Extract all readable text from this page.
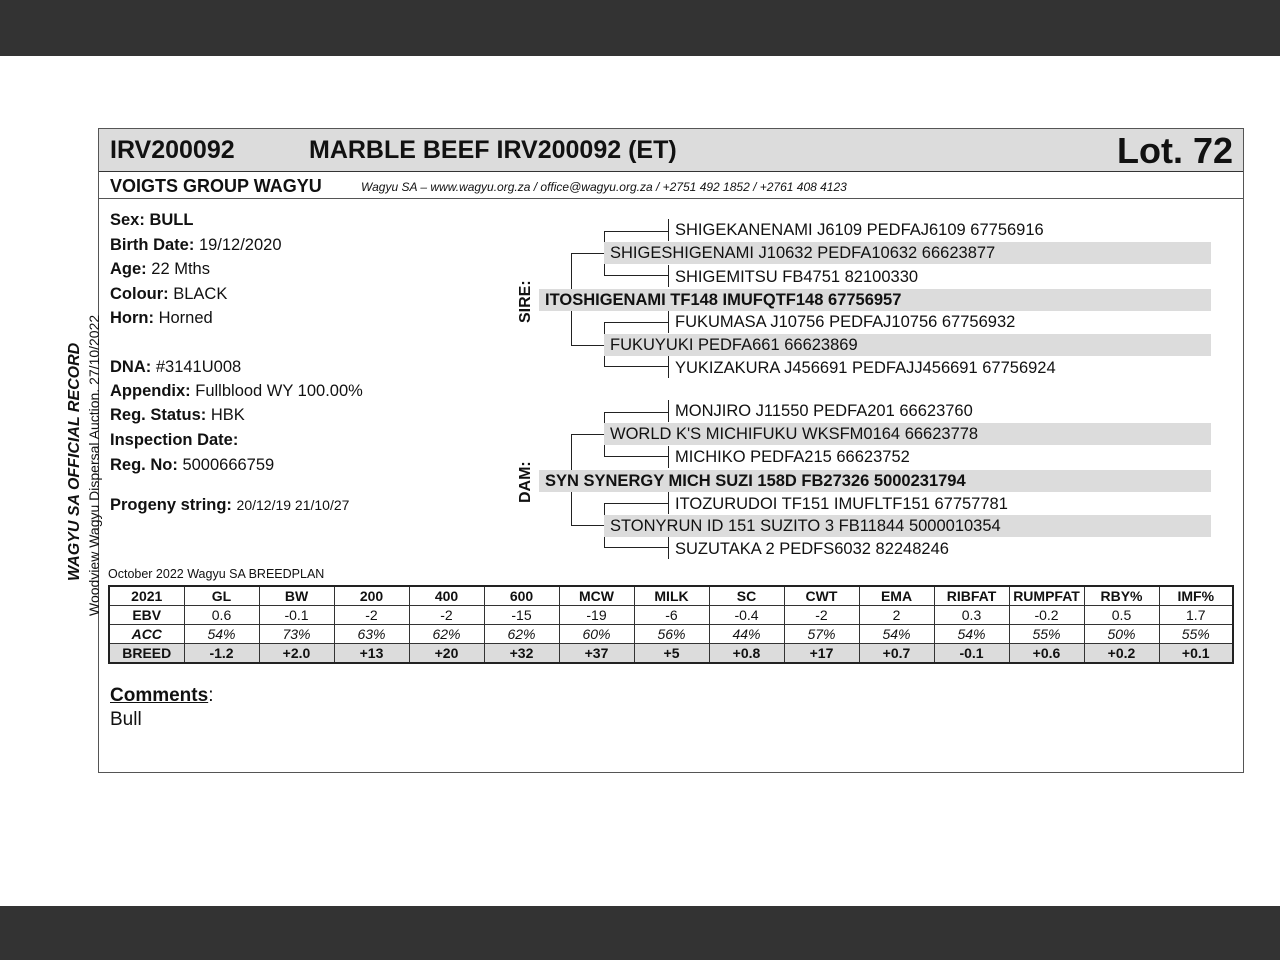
IRV200092	MARBLE BEEF IRV200092 (ET)	Lot. 72
VOIGTS GROUP WAGYU	Wagyu SA – www.wagyu.org.za / office@wagyu.org.za / +2751 492 1852 / +2761 408 4123
WAGYU SA OFFICIAL RECORD Woodview Wagyu Dispersal Auction. 27/10/2022
Sex: BULL
Birth Date: 19/12/2020
Age: 22 Mths
Colour: BLACK
Horn: Horned
DNA: #3141U008
Appendix: Fullblood WY 100.00%
Reg. Status: HBK
Inspection Date:
Reg. No: 5000666759
Progeny string: 20/12/19 21/10/27
SIRE:
DAM:
SHIGEKANENAMI J6109 PEDFAJ6109 67756916
SHIGESHIGENAMI J10632 PEDFA10632 66623877
SHIGEMITSU FB4751 82100330
ITOSHIGENAMI TF148 IMUFQTF148 67756957
FUKUMASA J10756 PEDFAJ10756 67756932
FUKUYUKI PEDFA661 66623869
YUKIZAKURA J456691 PEDFAJJ456691 67756924
MONJIRO J11550 PEDFA201 66623760
WORLD K'S MICHIFUKU WKSFM0164 66623778
MICHIKO PEDFA215 66623752
SYN SYNERGY MICH SUZI 158D FB27326 5000231794
ITOZURUDOI TF151 IMUFLTF151 67757781
STONYRUN ID 151 SUZITO 3 FB11844 5000010354
SUZUTAKA 2 PEDFS6032 82248246
October 2022 Wagyu SA BREEDPLAN
2021	GL	BW	200	400	600	MCW	MILK	SC	CWT	EMA	RIBFAT	RUMPFAT	RBY%	IMF%
EBV	0.6	-0.1	-2	-2	-15	-19	-6	-0.4	-2	2	0.3	-0.2	0.5	1.7
ACC	54%	73%	63%	62%	62%	60%	56%	44%	57%	54%	54%	55%	50%	55%
BREED	-1.2	+2.0	+13	+20	+32	+37	+5	+0.8	+17	+0.7	-0.1	+0.6	+0.2	+0.1
Comments:
Bull
